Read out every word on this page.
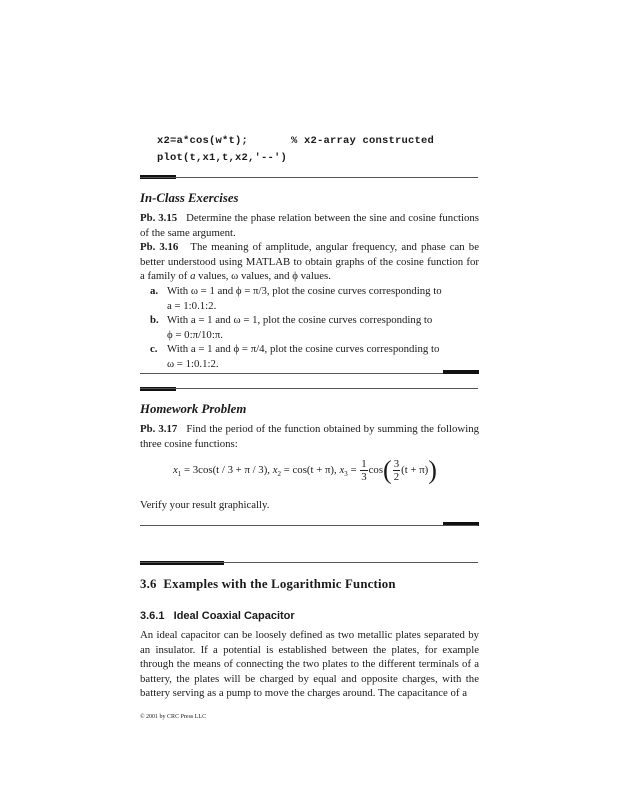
x2=a*cos(w*t);	% x2-array constructed
plot(t,x1,t,x2,'--')
In-Class Exercises
Pb. 3.15 Determine the phase relation between the sine and cosine functions of the same argument.
Pb. 3.16 The meaning of amplitude, angular frequency, and phase can be better understood using MATLAB to obtain graphs of the cosine function for a family of a values, ω values, and ϕ values.
a. With ω = 1 and ϕ = π/3, plot the cosine curves corresponding to
a = 1:0.1:2.
b. With a = 1 and ω = 1, plot the cosine curves corresponding to
ϕ = 0:π/10:π.
c. With a = 1 and ϕ = π/4, plot the cosine curves corresponding to
ω = 1:0.1:2.
Homework Problem
Pb. 3.17 Find the period of the function obtained by summing the following three cosine functions:
$x_1 = 3\cos(t / 3 + \pi / 3)$, $x_2 = \cos(t + \pi)$, $x_3 = \frac{1}{3} \cos( \frac{3}{2} (t + \pi))$
Verify your result graphically.
3.6  Examples with the Logarithmic Function
3.6.1   Ideal Coaxial Capacitor
An ideal capacitor can be loosely defined as two metallic plates separated by an insulator. If a potential is established between the plates, for example through the means of connecting the two plates to the different terminals of a battery, the plates will be charged by equal and opposite charges, with the battery serving as a pump to move the charges around. The capacitance of a
© 2001 by CRC Press LLC
